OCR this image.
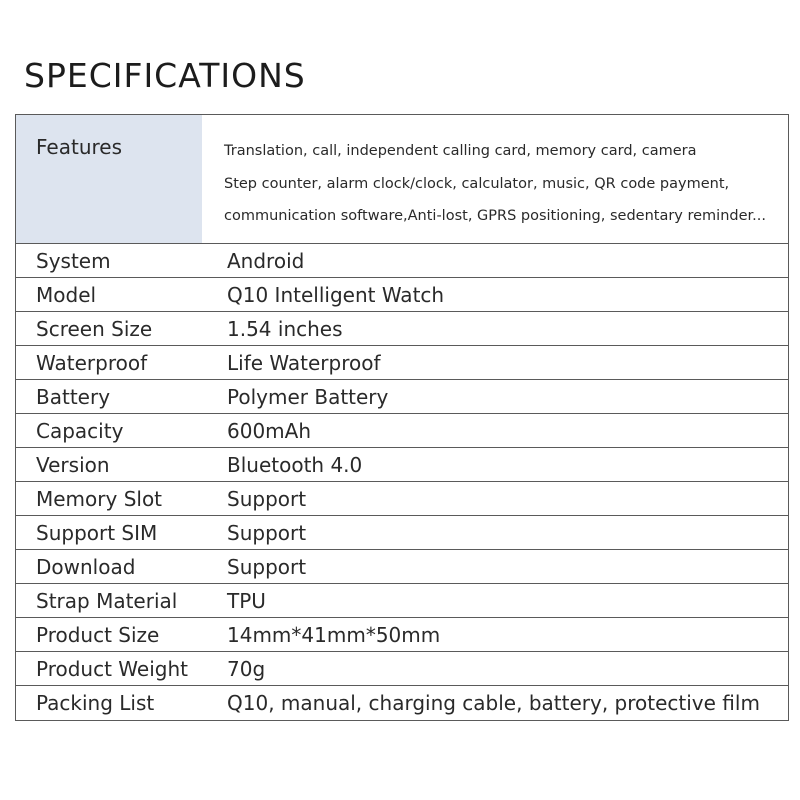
SPECIFICATIONS
Features	Translation, call, independent calling card, memory card, camera
Step counter, alarm clock/clock, calculator, music, QR code payment,
communication software,Anti-lost, GPRS positioning, sedentary reminder...
System	Android
Model	Q10 Intelligent Watch
Screen Size	1.54 inches
Waterproof	Life Waterproof
Battery	Polymer Battery
Capacity	600mAh
Version	Bluetooth 4.0
Memory Slot	Support
Support SIM	Support
Download	Support
Strap Material	TPU
Product Size	14mm*41mm*50mm
Product Weight	70g
Packing List	Q10, manual, charging cable, battery, protective film
